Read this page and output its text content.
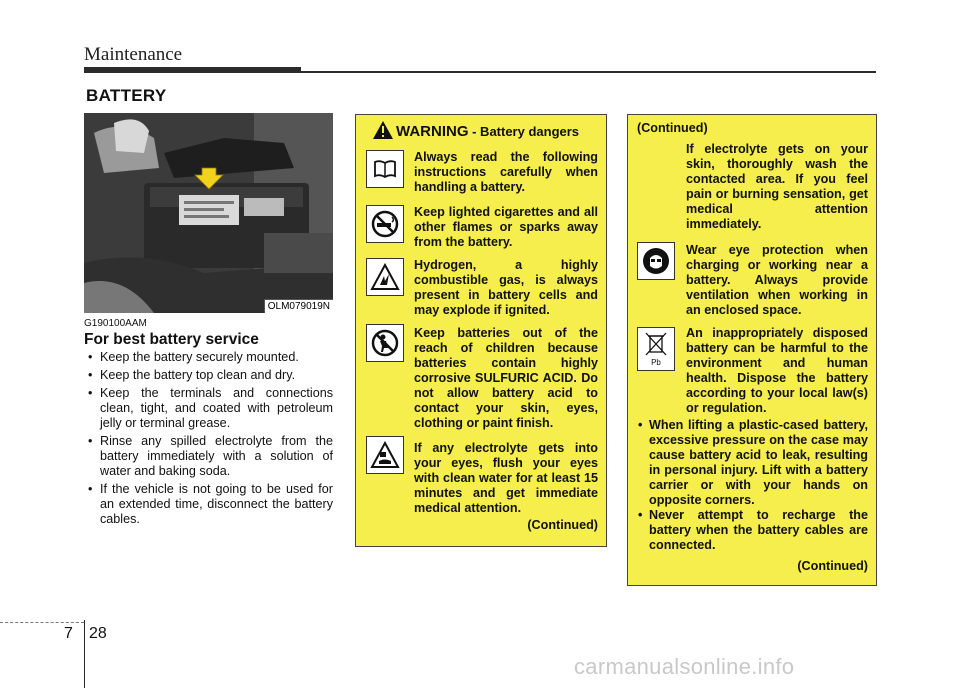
Maintenance
BATTERY
OLM079019N
G190100AAM
For best battery service
• Keep the battery securely mounted.
• Keep the battery top clean and dry.
• Keep the terminals and connections clean, tight, and coated with petroleum jelly or terminal grease.
• Rinse any spilled electrolyte from the battery immediately with a solution of water and baking soda.
• If the vehicle is not going to be used for an extended time, disconnect the battery cables.
WARNING - Battery dangers
Always read the following instructions carefully when handling a battery.
Keep lighted cigarettes and all other flames or sparks away from the battery.
Hydrogen, a highly combustible gas, is always present in battery cells and may explode if ignited.
Keep batteries out of the reach of children because batteries contain highly corrosive SULFURIC ACID. Do not allow battery acid to contact your skin, eyes, clothing or paint finish.
If any electrolyte gets into your eyes, flush your eyes with clean water for at least 15 minutes and get immediate medical attention.
(Continued)
(Continued)
If electrolyte gets on your skin, thoroughly wash the contacted area. If you feel pain or burning sensation, get medical attention immediately.
Wear eye protection when charging or working near a battery. Always provide ventilation when working in an enclosed space.
Pb
An inappropriately disposed battery can be harmful to the environment and human health. Dispose the battery according to your local law(s) or regulation.
• When lifting a plastic-cased battery, excessive pressure on the case may cause battery acid to leak, resulting in personal injury. Lift with a battery carrier or with your hands on opposite corners.
• Never attempt to recharge the battery when the battery cables are connected.
(Continued)
7 28
carmanualsonline.info
